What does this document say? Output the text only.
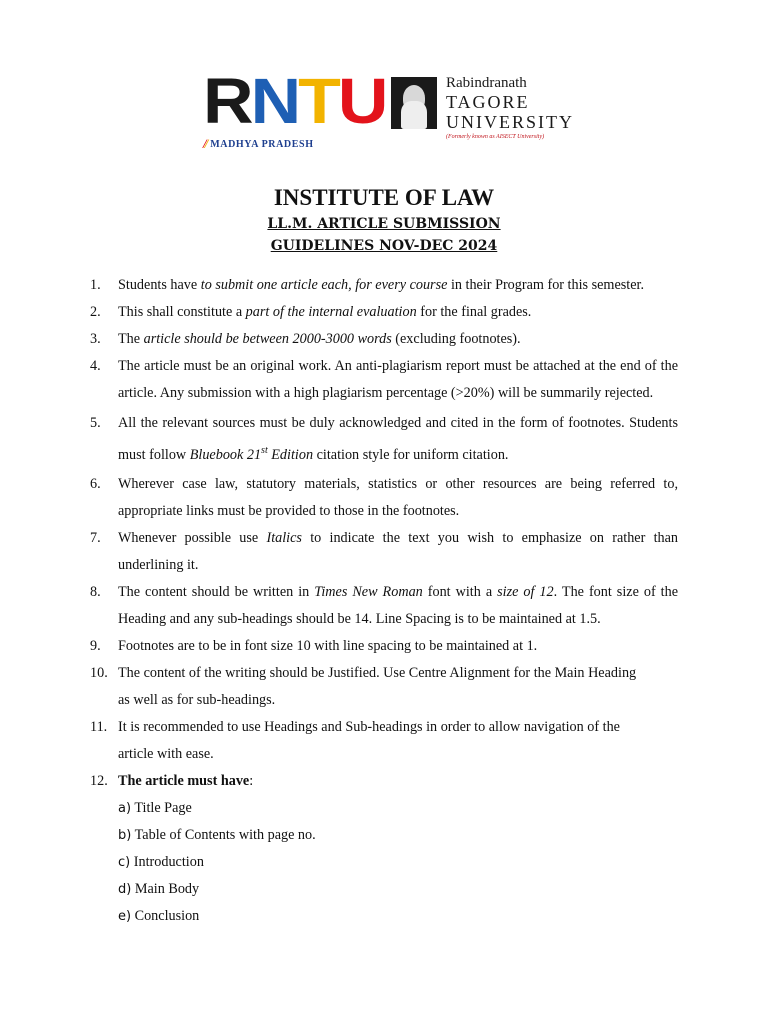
R N T U	Rabindranath
TAGORE
UNIVERSITY
(Formerly known as AISECT University)
// MADHYA PRADESH
INSTITUTE OF LAW
LL.M. ARTICLE SUBMISSION
GUIDELINES NOV-DEC 2024
1. Students have to submit one article each, for every course in their Program for this semester.
2. This shall constitute a part of the internal evaluation for the final grades.
3. The article should be between 2000-3000 words (excluding footnotes).
4. The article must be an original work. An anti-plagiarism report must be attached at the end of the article. Any submission with a high plagiarism percentage (>20%) will be summarily rejected.
5. All the relevant sources must be duly acknowledged and cited in the form of footnotes. Students must follow Bluebook 21st Edition citation style for uniform citation.
6. Wherever case law, statutory materials, statistics or other resources are being referred to, appropriate links must be provided to those in the footnotes.
7. Whenever possible use Italics to indicate the text you wish to emphasize on rather than underlining it.
8. The content should be written in Times New Roman font with a size of 12. The font size of the Heading and any sub-headings should be 14. Line Spacing is to be maintained at 1.5.
9. Footnotes are to be in font size 10 with line spacing to be maintained at 1.
10. The content of the writing should be Justified. Use Centre Alignment for the Main Heading as well as for sub-headings.
11. It is recommended to use Headings and Sub-headings in order to allow navigation of the article with ease.
12. The article must have:
a) Title Page
b) Table of Contents with page no.
c) Introduction
d) Main Body
e) Conclusion
